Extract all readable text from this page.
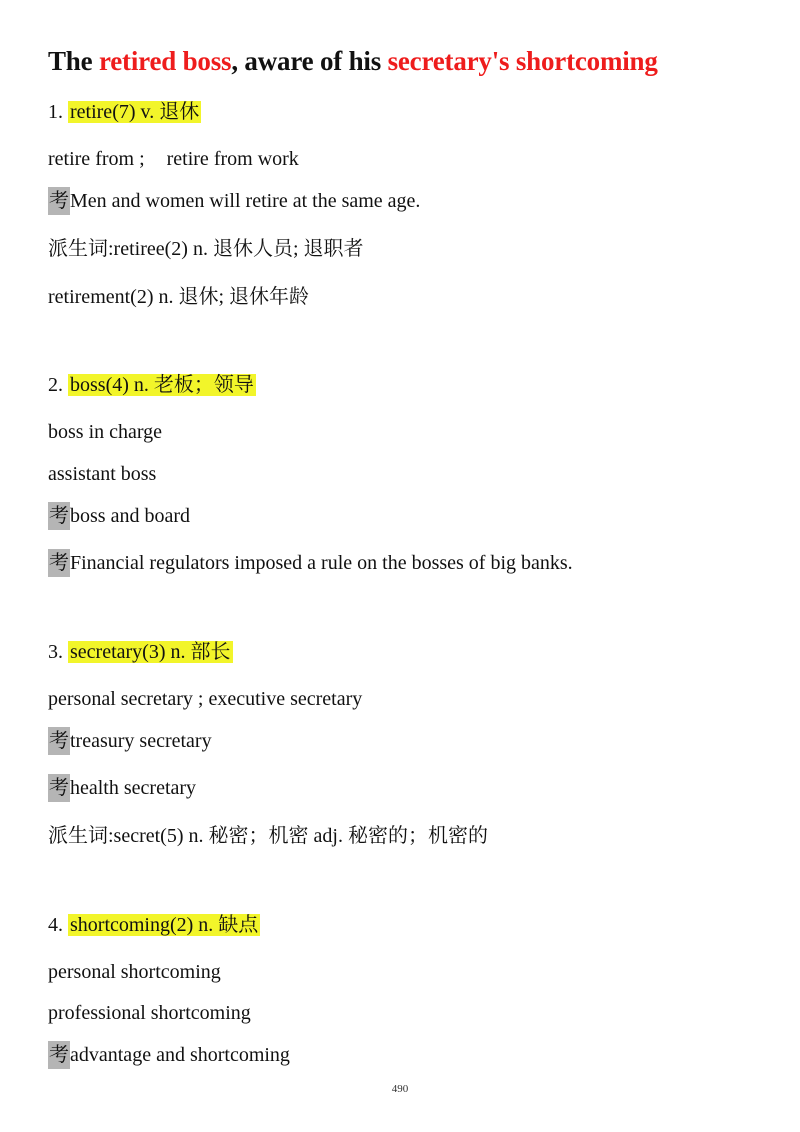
The retired boss, aware of his secretary's shortcoming
1. retire(7) v. 退休
retire from ; retire from work
考Men and women will retire at the same age.
派生词:retiree(2) n. 退休人员; 退职者
retirement(2) n. 退休; 退休年龄
2. boss(4) n. 老板；领导
boss in charge
assistant boss
考boss and board
考Financial regulators imposed a rule on the bosses of big banks.
3. secretary(3) n. 部长
personal secretary ; executive secretary
考treasury secretary
考health secretary
派生词:secret(5) n. 秘密；机密 adj. 秘密的；机密的
4. shortcoming(2) n. 缺点
personal shortcoming
professional shortcoming
考advantage and shortcoming
490
